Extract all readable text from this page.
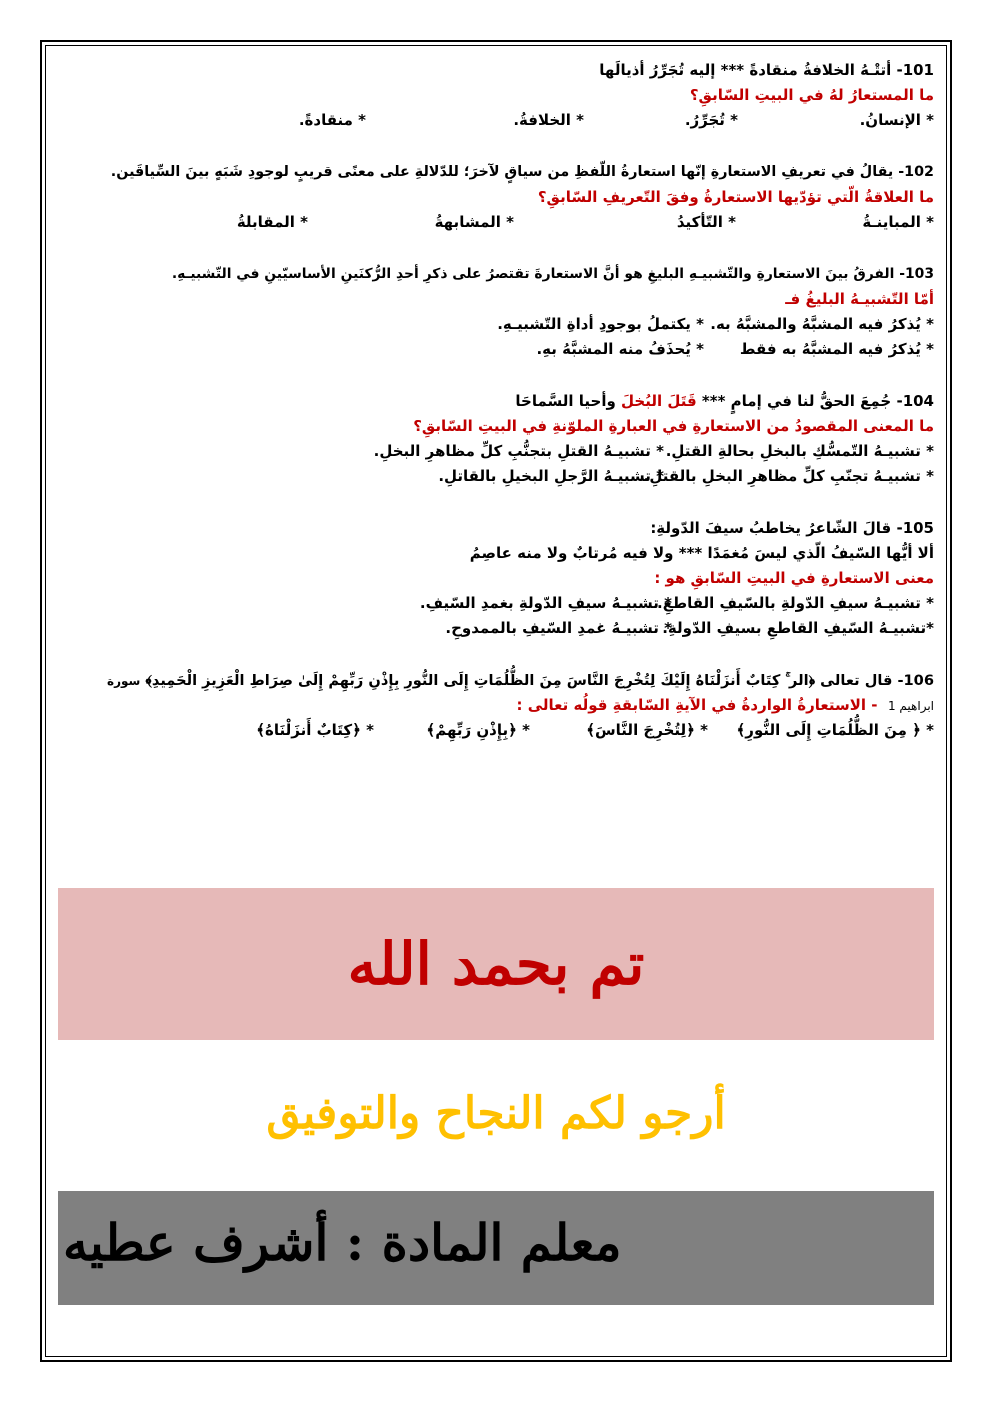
101- أتتْـهُ الخلافةُ منقادةً *** إليه تُجَرِّرُ أذيالَها
ما المستعارُ لهُ في البيتِ السّابقِ؟
* الإنسانُ.
* تُجَرِّرُ.
* الخلافةُ.
* منقادةً.
102- يقالُ في تعريفِ الاستعارةِ إنّها استعارةُ اللّفظِ من سياقٍ لآخرَ؛ للدّلالةِ على معنًى قريبٍ لوجودِ شَبَهٍ بينَ السِّياقَين.
ما العلاقةُ الّتي تؤدّيها الاستعارةُ وفقَ التّعريفِ السّابقِ؟
* المباينـةُ
* التّأكيدُ
* المشابهةُ
* المقابلةُ
103- الفرقُ بينَ الاستعارةِ والتّشبيـهِ البليغِ هو أنَّ الاستعارةَ تقتصرُ على ذكرِ أحدِ الرُّكنَينِ الأساسيّينِ في التّشبيـهِ.
أمّا التّشبيـهُ البليغُ فـ
* يُذكرُ فيه المشبَّهُ والمشبَّهُ به.
* يكتملُ بوجودِ أداةِ التّشبيـهِ.
* يُذكرُ فيه المشبَّهُ به فقط
* يُحذَفُ منه المشبَّهُ بهِ.
104- جُمِعَ الحقُّ لنا في إمامٍ *** قَتَلَ البُخلَ وأحيا السَّماحَا
ما المعنى المقصودُ من الاستعارةِ في العبارةِ الملوّنةِ في البيتِ السّابقِ؟
* تشبيـهُ التّمسُّكِ بالبخلِ بحالةِ القتلِ.
* تشبيـهُ القتلِ بتجنُّبِ كلِّ مظاهرِ البخلِ.
* تشبيـهُ تجنّبِ كلِّ مظاهرِ البخلِ بالقتلِ.
* تشبيـهُ الرَّجلِ البخيلِ بالقاتلِ.
105- قالَ الشّاعرُ يخاطبُ سيفَ الدّولةِ:
ألا أيُّها السّيفُ الّذي ليسَ مُغمَدًا *** ولا فيه مُرتابٌ ولا منه عاصِمُ
معنى الاستعارةِ في البيتِ السّابقِ هو :
* تشبيـهُ سيفِ الدّولةِ بالسّيفِ القاطعِ.
* تشبيـهُ سيفِ الدّولةِ بغمدِ السّيفِ.
*تشبيـهُ السّيفِ القاطعِ بسيفِ الدّولةِ.
* تشبيـهُ غمدِ السّيفِ بالممدوحِ.
106- قال تعالى ﴿الر ۚ كِتَابٌ أَنزَلْنَاهُ إِلَيْكَ لِتُخْرِجَ النَّاسَ مِنَ الظُّلُمَاتِ إِلَى النُّورِ بِإِذْنِ رَبِّهِمْ إِلَىٰ صِرَاطِ الْعَزِيزِ الْحَمِيدِ﴾ سورة
ابراهيم 1  - الاستعارةُ الواردةُ في الآيةِ السّابقةِ قولُه تعالى :
* ﴿ مِنَ الظُّلُمَاتِ إِلَى النُّورِ﴾
* ﴿لِتُخْرِجَ النَّاسَ﴾
* ﴿بِإِذْنِ رَبِّهِمْ﴾
* ﴿كِتَابٌ أَنزَلْنَاهُ﴾
تم بحمد الله
أرجو لكم النجاح والتوفيق
معلم المادة : أشرف عطيه
